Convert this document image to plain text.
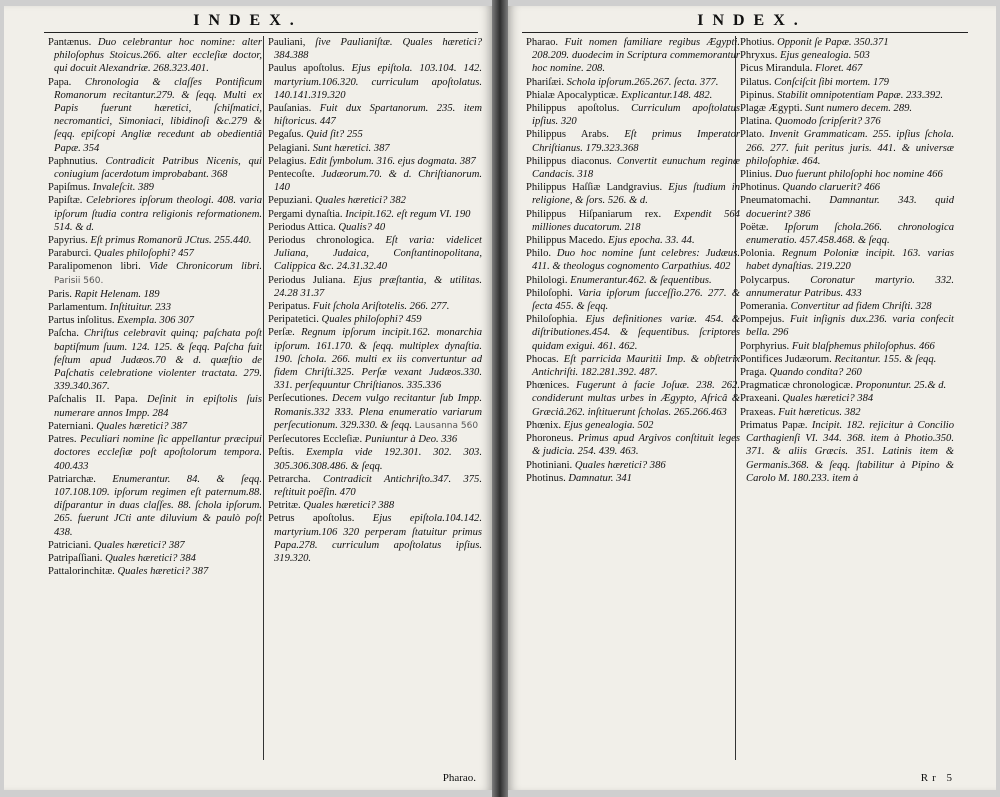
INDEX.
Pantænus. Duo celebrantur hoc nomine: alter philoſophus Stoicus.266. alter eccleſiæ doctor, qui docuit Alexandriæ. 268.323.401.
Papa. Chronologia & claſſes Pontificum Romanorum recitantur.279. & ſeqq. Multi ex Papis fuerunt hæretici, ſchiſmatici, necromantici, Simoniaci, libidinoſi &c.279 & ſeqq. epiſcopi Angliæ recedunt ab obedientiâ Papæ. 354
Paphnutius. Contradicit Patribus Nicenis, qui coniugium ſacerdotum improbabant. 368
Papiſmus. Invaleſcit. 389
Papiſtæ. Celebriores ipſorum theologi. 408. varia ipſorum ſtudia contra religionis reformationem. 514. & d.
Papyrius. Eſt primus Romanorū JCtus. 255.440.
Paraburci. Quales philoſophi? 457
Paralipomenon libri. Vide Chronicorum libri. Parisii 560.
Paris. Rapit Helenam. 189
Parlamentum. Inſtituitur. 233
Partus inſolitus. Exempla. 306 307
Paſcha. Chriſtus celebravit quinq; paſchata poſt baptiſmum ſuum. 124. 125. & ſeqq. Paſcha fuit feſtum apud Judæos.70 & d. quæſtio de Paſchatis celebratione violenter tractata. 279. 339.340.367.
Paſchalis II. Papa. Deſinit in epiſtolis ſuis numerare annos Impp. 284
Paterniani. Quales hæretici? 387
Patres. Peculiari nomine ſic appellantur præcipui doctores eccleſiæ poſt apoſtolorum tempora. 400.433
Patriarchæ. Enumerantur. 84. & ſeqq. 107.108.109. ipſorum regimen eſt paternum.88. diſparantur in duas claſſes. 88. ſchola ipſorum. 265. fuerunt JCti ante diluvium & paulò poſt 438.
Patriciani. Quales hæretici? 387
Patripaſſiani. Quales hæretici? 384
Pattalorinchitæ. Quales hæretici? 387
Pauliani, ſive Paulianiſtæ. Quales hæretici? 384.388
Paulus apoſtolus. Ejus epiſtola. 103.104. 142. martyrium.106.320. curriculum apoſtolatus. 140.141.319.320
Pauſanias. Fuit dux Spartanorum. 235. item hiſtoricus. 447
Pegaſus. Quid ſit? 255
Pelagiani. Sunt hæretici. 387
Pelagius. Edit ſymbolum. 316. ejus dogmata. 387
Pentecoſte. Judæorum.70. & d. Chriſtianorum. 140
Pepuziani. Quales hæretici? 382
Pergami dynaſtia. Incipit.162. eſt regum VI. 190
Periodus Attica. Qualis? 40
Periodus chronologica. Eſt varia: videlicet Juliana, Judaica, Conſtantinopolitana, Calippica &c. 24.31.32.40
Periodus Juliana. Ejus præſtantia, & utilitas. 24.28 31.37
Peripatus. Fuit ſchola Ariſtotelis. 266. 277.
Peripatetici. Quales philoſophi? 459
Perſæ. Regnum ipſorum incipit.162. monarchia ipſorum. 161.170. & ſeqq. multiplex dynaſtia. 190. ſchola. 266. multi ex iis convertuntur ad fidem Chriſti.325. Perſæ vexant Judæos.330. 331. perſequuntur Chriſtianos. 335.336
Perſecutiones. Decem vulgo recitantur ſub Impp. Romanis.332 333. Plena enumeratio variarum perſecutionum. 329.330. & ſeqq. Lausanna 560
Perſecutores Eccleſiæ. Puniuntur à Deo. 336
Peſtis. Exempla vide 192.301. 302. 303. 305.306.308.486. & ſeqq.
Petrarcha. Contradicit Antichriſto.347. 375. reſtituit poëſin. 470
Petritæ. Quales hæretici? 388
Petrus apoſtolus. Ejus epiſtola.104.142. martyrium.106 320 perperam ſtatuitur primus Papa.278. curriculum apoſtolatus ipſius. 319.320.
Pharao.
INDEX.
Pharao. Fuit nomen familiare regibus Ægypti. 208.209. duodecim in Scriptura commemorantur hoc nomine. 208.
Phariſæi. Schola ipſorum.265.267. ſecta. 377.
Phialæ Apocalypticæ. Explicantur.148. 482.
Philippus apoſtolus. Curriculum apoſtolatus ipſius. 320
Philippus Arabs. Eſt primus Imperator Chriſtianus. 179.323.368
Philippus diaconus. Convertit eunuchum reginæ Candacis. 318
Philippus Haſſiæ Landgravius. Ejus ſtudium in religione, & ſors. 526. & d.
Philippus Hiſpaniarum rex. Expendit 564 milliones ducatorum. 218
Philippus Macedo. Ejus epocha. 33. 44.
Philo. Duo hoc nomine ſunt celebres: Judæus. 411. & theologus cognomento Carpathius. 402
Philologi. Enumerantur.462. & ſequentibus.
Philoſophi. Varia ipſorum ſucceſſio.276. 277. & ſecta 455. & ſeqq.
Philoſophia. Ejus definitiones variæ. 454. & diſtributiones.454. & ſequentibus. ſcriptores quidam exigui. 461. 462.
Phocas. Eſt parricida Mauritii Imp. & obſtetrix Antichriſti. 182.281.392. 487.
Phœnices. Fugerunt à facie Joſuæ. 238. 262. condiderunt multas urbes in Ægypto, Africâ & Græciâ.262. inſtituerunt ſcholas. 265.266.463
Phœnix. Ejus genealogia. 502
Phoroneus. Primus apud Argivos conſtituit leges & judicia. 254. 439. 463.
Photiniani. Quales hæretici? 386
Photinus. Damnatur. 341
Photius. Opponit ſe Papæ. 350.371
Phryxus. Ejus genealogia. 503
Picus Mirandula. Floret. 467
Pilatus. Conſciſcit ſibi mortem. 179
Pipinus. Stabilit omnipotentiam Papæ. 233.392.
Plagæ Ægypti. Sunt numero decem. 289.
Platina. Quomodo ſcripſerit? 376
Plato. Invenit Grammaticam. 255. ipſius ſchola. 266. 277. fuit peritus juris. 441. & universæ philoſophiæ. 464.
Plinius. Duo fuerunt philoſophi hoc nomine 466
Photinus. Quando claruerit? 466
Pneumatomachi. Damnantur. 343. quid docuerint? 386
Poëtæ. Ipſorum ſchola.266. chronologica enumeratio. 457.458.468. & ſeqq.
Polonia. Regnum Poloniæ incipit. 163. varias habet dynaſtias. 219.220
Polycarpus. Coronatur martyrio. 332. annumeratur Patribus. 433
Pomerania. Convertitur ad fidem Chriſti. 328
Pompejus. Fuit inſignis dux.236. varia confecit bella. 296
Porphyrius. Fuit blaſphemus philoſophus. 466
Pontifices Judæorum. Recitantur. 155. & ſeqq.
Praga. Quando condita? 260
Pragmaticæ chronologicæ. Proponuntur. 25.& d.
Praxeani. Quales hæretici? 384
Praxeas. Fuit hæreticus. 382
Primatus Papæ. Incipit. 182. rejicitur à Concilio Carthagienſi VI. 344. 368. item à Photio.350. 371. & aliis Græcis. 351. Latinis item & Germanis.368. & ſeqq. ſtabilitur à Pipino & Carolo M. 180.233. item à
Rr 5
